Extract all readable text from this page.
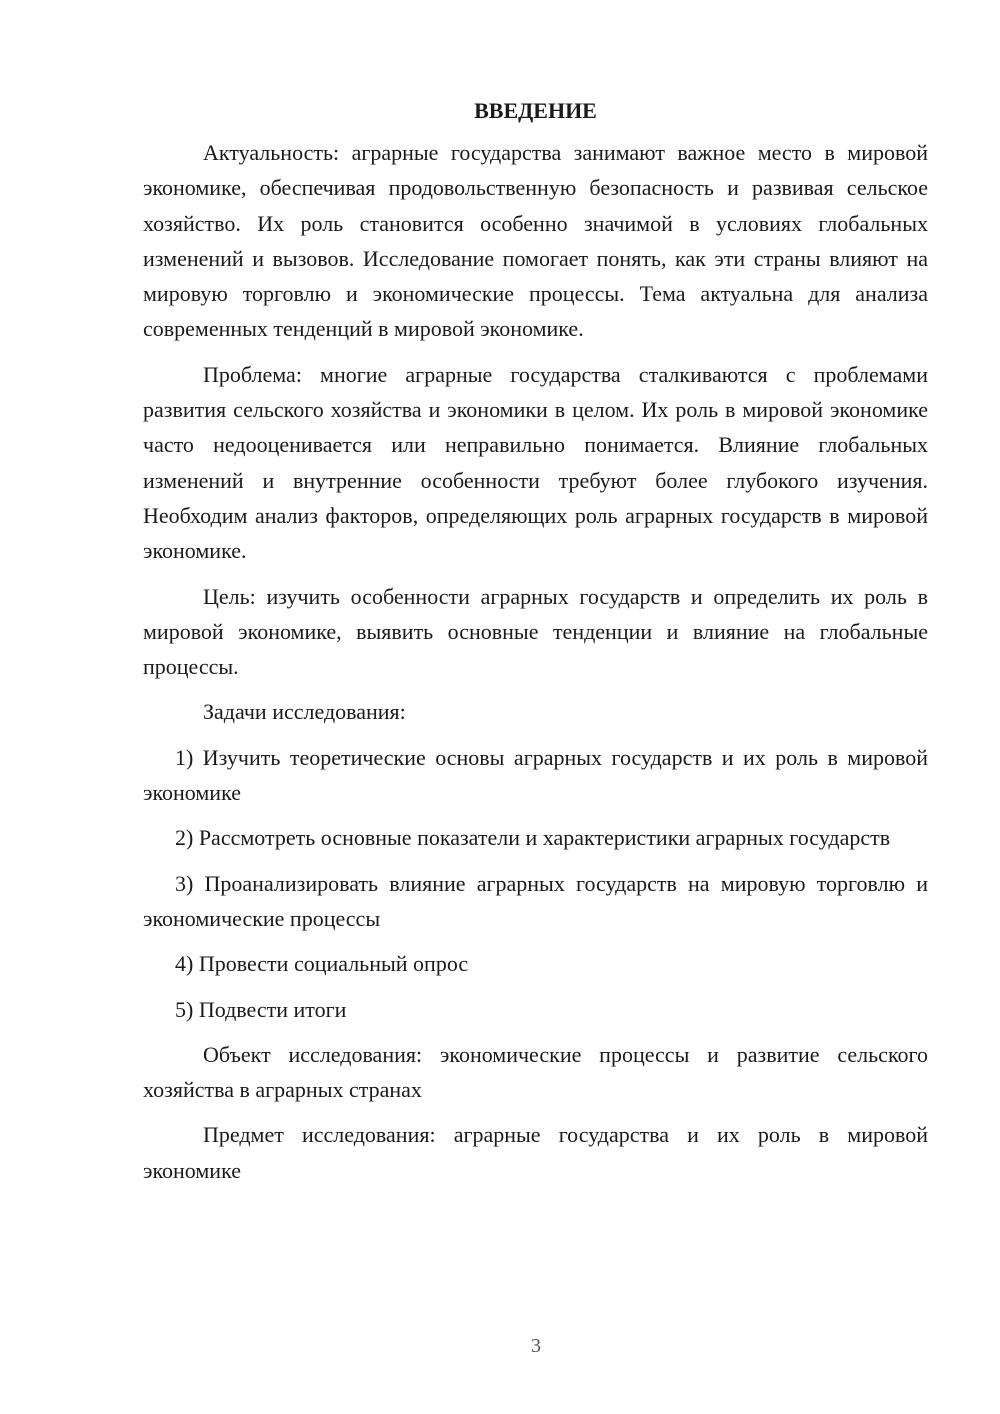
ВВЕДЕНИЕ

Актуальность: аграрные государства занимают важное место в мировой экономике, обеспечивая продовольственную безопасность и развивая сельское хозяйство. Их роль становится особенно значимой в условиях глобальных изменений и вызовов. Исследование помогает понять, как эти страны влияют на мировую торговлю и экономические процессы. Тема актуальна для анализа современных тенденций в мировой экономике.

Проблема: многие аграрные государства сталкиваются с проблемами развития сельского хозяйства и экономики в целом. Их роль в мировой экономике часто недооценивается или неправильно понимается. Влияние глобальных изменений и внутренние особенности требуют более глубокого изучения. Необходим анализ факторов, определяющих роль аграрных государств в мировой экономике.

Цель: изучить особенности аграрных государств и определить их роль в мировой экономике, выявить основные тенденции и влияние на глобальные процессы.

Задачи исследования:

1) Изучить теоретические основы аграрных государств и их роль в мировой экономике

2) Рассмотреть основные показатели и характеристики аграрных государств

3) Проанализировать влияние аграрных государств на мировую торговлю и экономические процессы

4) Провести социальный опрос

5) Подвести итоги

Объект исследования: экономические процессы и развитие сельского хозяйства в аграрных странах

Предмет исследования: аграрные государства и их роль в мировой экономике

3
